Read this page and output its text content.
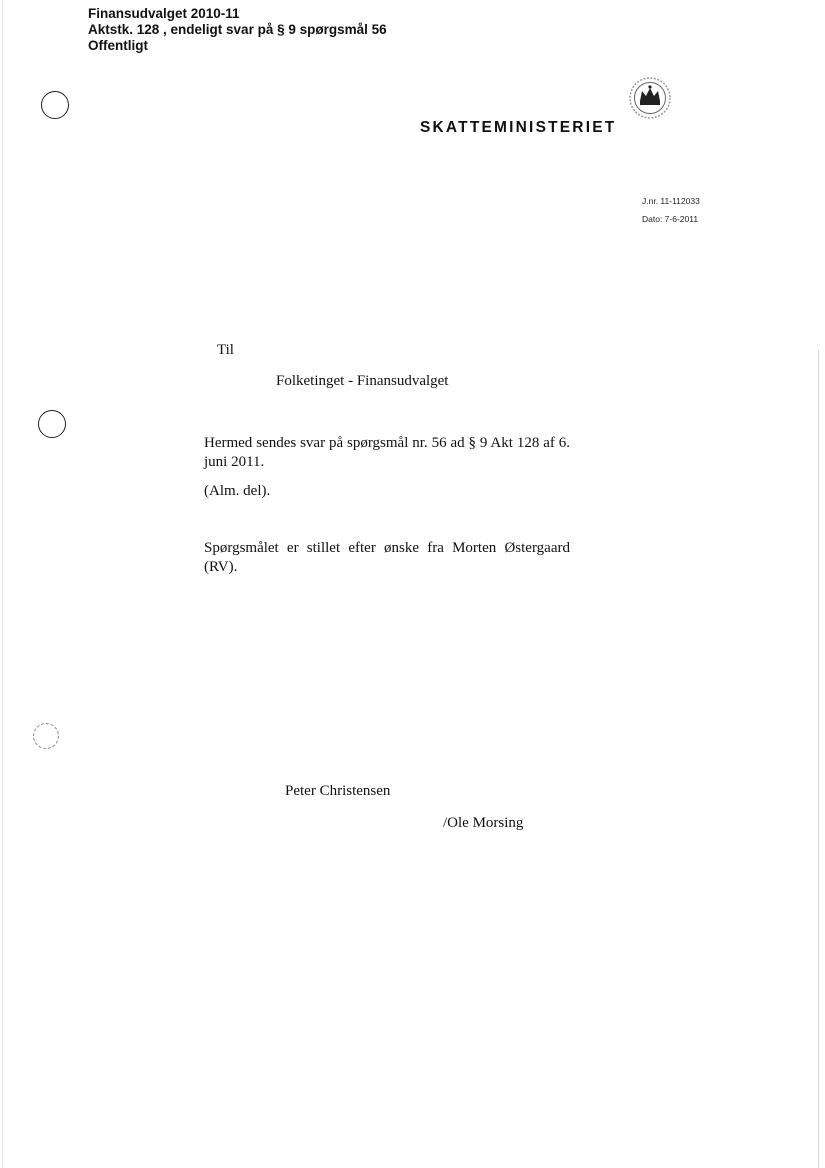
Finansudvalget 2010-11
Aktstk. 128 , endeligt svar på § 9 spørgsmål 56
Offentligt
SKATTEMINISTERIET
J.nr. 11-112033
Dato: 7-6-2011
Til
Folketinget - Finansudvalget
Hermed sendes svar på spørgsmål nr. 56 ad § 9 Akt 128 af 6. juni 2011.
(Alm. del).
Spørgsmålet er stillet efter ønske fra Morten Østergaard (RV).
Peter Christensen
/Ole Morsing
